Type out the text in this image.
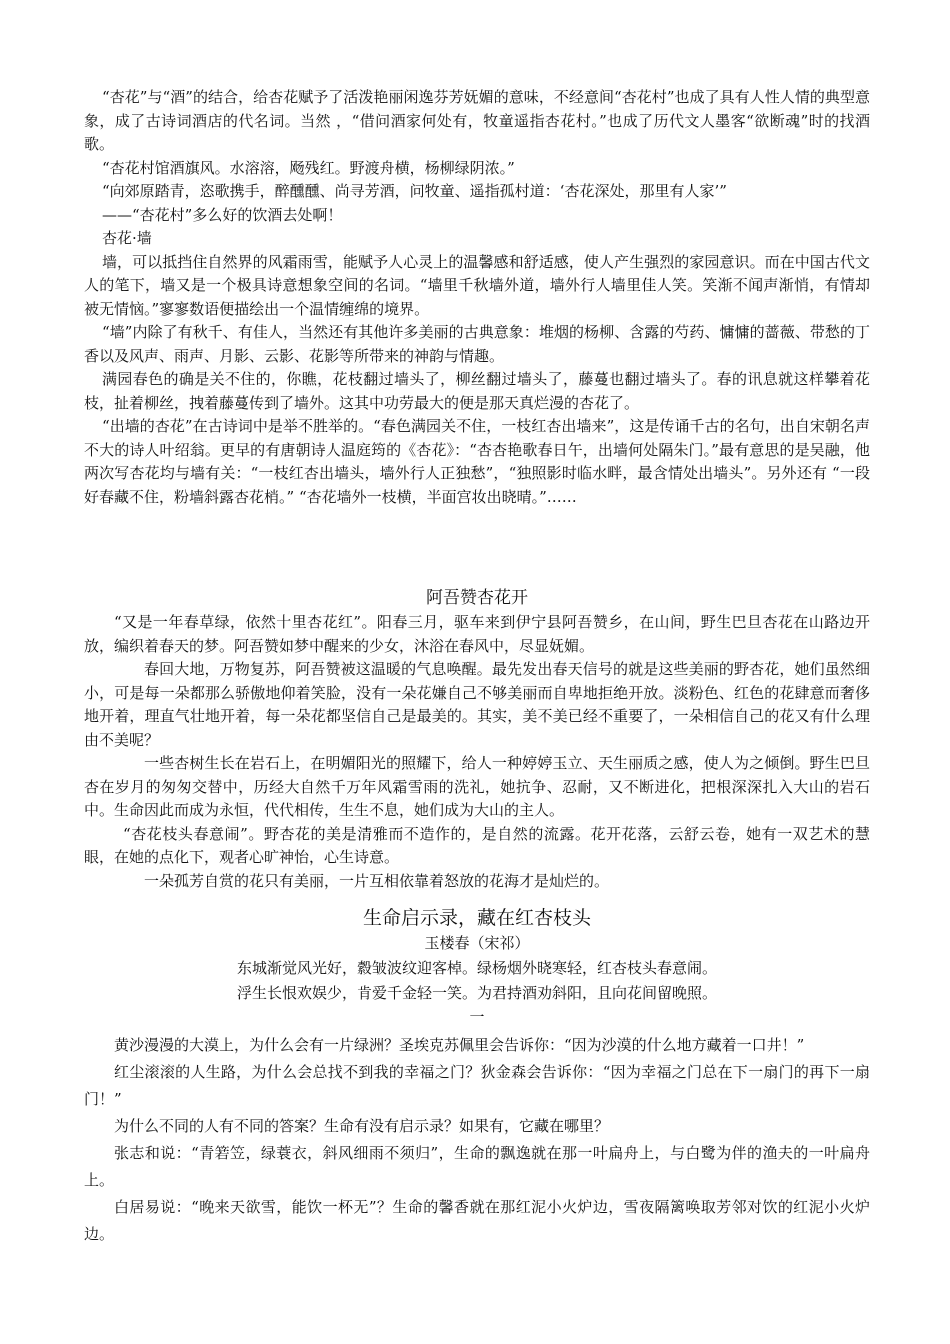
“杏花”与“酒”的结合，给杏花赋予了活泼艳丽闲逸芬芳妩媚的意味，不经意间“杏花村”也成了具有人性人情的典型意象，成了古诗词酒店的代名词。当然 ，“借问酒家何处有，牧童遥指杏花村。”也成了历代文人墨客“欲断魂”时的找酒歌。

“杏花村馆酒旗风。水溶溶，飏残红。野渡舟横，杨柳绿阴浓。”

“向郊原踏青，恣歌携手，醉醺醺、尚寻芳酒，问牧童、遥指孤村道：‘杏花深处，那里有人家’”

——“杏花村”多么好的饮酒去处啊！

杏花·墙

墙，可以抵挡住自然界的风霜雨雪，能赋予人心灵上的温馨感和舒适感，使人产生强烈的家园意识。而在中国古代文人的笔下，墙又是一个极具诗意想象空间的名词。“墙里千秋墙外道，墙外行人墙里佳人笑。笑渐不闻声渐悄，有情却被无情恼。”寥寥数语便描绘出一个温情缠绵的境界。

“墙”内除了有秋千、有佳人，当然还有其他许多美丽的古典意象：堆烟的杨柳、含露的芍药、慵慵的蔷薇、带愁的丁香以及风声、雨声、月影、云影、花影等所带来的神韵与情趣。

满园春色的确是关不住的，你瞧，花枝翻过墙头了，柳丝翻过墙头了，藤蔓也翻过墙头了。春的讯息就这样攀着花枝，扯着柳丝，拽着藤蔓传到了墙外。这其中功劳最大的便是那天真烂漫的杏花了。

“出墙的杏花”在古诗词中是举不胜举的。“春色满园关不住，一枝红杏出墙来”，这是传诵千古的名句，出自宋朝名声不大的诗人叶绍翁。更早的有唐朝诗人温庭筠的《杏花》：“杏杏艳歌春日午，出墙何处隔朱门。”最有意思的是吴融，他两次写杏花均与墙有关：“一枝红杏出墙头，墙外行人正独愁”，“独照影时临水畔，最含情处出墙头”。另外还有 “一段好春藏不住，粉墙斜露杏花梢。” “杏花墙外一枝横，半面宫妆出晓晴。”……

阿吾赞杏花开

“又是一年春草绿，依然十里杏花红”。阳春三月，驱车来到伊宁县阿吾赞乡，在山间，野生巴旦杏花在山路边开放，编织着春天的梦。阿吾赞如梦中醒来的少女，沐浴在春风中，尽显妩媚。

春回大地，万物复苏，阿吾赞被这温暖的气息唤醒。最先发出春天信号的就是这些美丽的野杏花，她们虽然细小，可是每一朵都那么骄傲地仰着笑脸，没有一朵花嫌自己不够美丽而自卑地拒绝开放。淡粉色、红色的花肆意而奢侈地开着，理直气壮地开着，每一朵花都坚信自己是最美的。其实，美不美已经不重要了，一朵相信自己的花又有什么理由不美呢？

一些杏树生长在岩石上，在明媚阳光的照耀下，给人一种婷婷玉立、天生丽质之感，使人为之倾倒。野生巴旦杏在岁月的匆匆交替中，历经大自然千万年风霜雪雨的洗礼，她抗争、忍耐，又不断进化，把根深深扎入大山的岩石中。生命因此而成为永恒，代代相传，生生不息，她们成为大山的主人。

“杏花枝头春意闹”。野杏花的美是清雅而不造作的，是自然的流露。花开花落，云舒云卷，她有一双艺术的慧眼，在她的点化下，观者心旷神怡，心生诗意。

一朵孤芳自赏的花只有美丽，一片互相依靠着怒放的花海才是灿烂的。

生命启示录，藏在红杏枝头

玉楼春（宋祁）

东城渐觉风光好，縠皱波纹迎客棹。绿杨烟外晓寒轻，红杏枝头春意闹。

浮生长恨欢娱少，肯爱千金轻一笑。为君持酒劝斜阳，且向花间留晚照。

一

黄沙漫漫的大漠上，为什么会有一片绿洲？圣埃克苏佩里会告诉你：“因为沙漠的什么地方藏着一口井！”

红尘滚滚的人生路，为什么会总找不到我的幸福之门？狄金森会告诉你：“因为幸福之门总在下一扇门的再下一扇门！”

为什么不同的人有不同的答案？生命有没有启示录？如果有，它藏在哪里？

张志和说：“青箬笠，绿蓑衣，斜风细雨不须归”，生命的飘逸就在那一叶扁舟上，与白鹭为伴的渔夫的一叶扁舟上。

白居易说：“晚来天欲雪，能饮一杯无”？生命的馨香就在那红泥小火炉边，雪夜隔篱唤取芳邻对饮的红泥小火炉边。
